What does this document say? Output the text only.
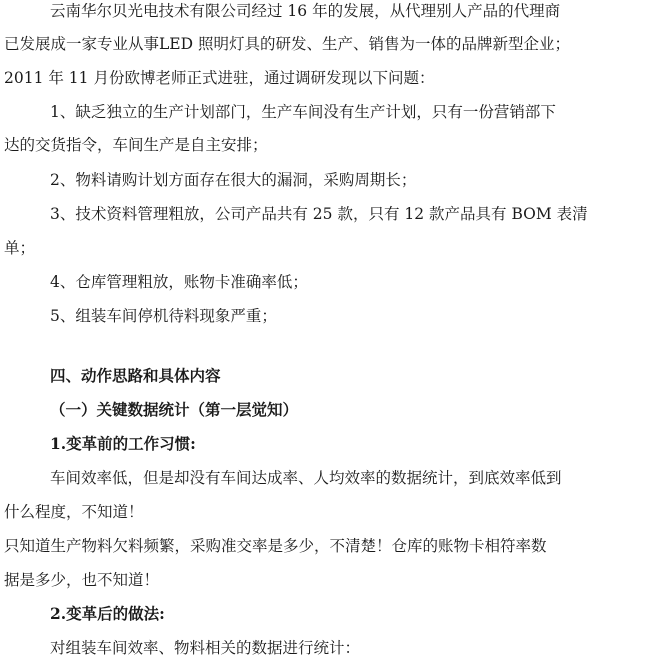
云南华尔贝光电技术有限公司经过 16 年的发展，从代理别人产品的代理商
已发展成一家专业从事LED 照明灯具的研发、生产、销售为一体的品牌新型企业；
2011 年 11 月份欧博老师正式进驻，通过调研发现以下问题：
1、缺乏独立的生产计划部门，生产车间没有生产计划，只有一份营销部下
达的交货指令，车间生产是自主安排；
2、物料请购计划方面存在很大的漏洞，采购周期长；
3、技术资料管理粗放，公司产品共有 25 款，只有 12 款产品具有 BOM 表清
单；
4、仓库管理粗放，账物卡准确率低；
5、组装车间停机待料现象严重；
四、动作思路和具体内容
（一）关键数据统计（第一层觉知）
1.变革前的工作习惯:
车间效率低，但是却没有车间达成率、人均效率的数据统计，到底效率低到
什么程度，不知道！
只知道生产物料欠料频繁，采购准交率是多少，不清楚！仓库的账物卡相符率数
据是多少，也不知道！
2.变革后的做法:
对组装车间效率、物料相关的数据进行统计：
